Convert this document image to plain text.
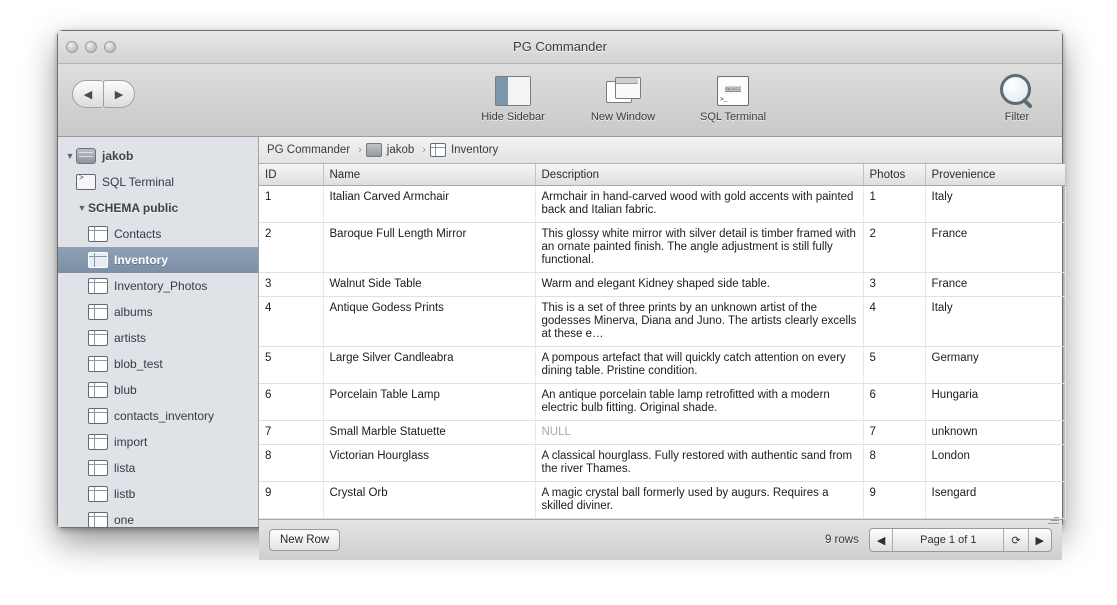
PG Commander
◀	▶
Hide Sidebar	New Window
SELECT
>_
SQL Terminal	Filter
▼ jakob
>
SQL Terminal
▼ SCHEMA public
Contacts
Inventory
Inventory_Photos
albums
artists
blob_test
blub
contacts_inventory
import
lista
listb
one
PG Commander ›	jakob ›	Inventory
ID	Name	Description	Photos	Provenience
1	Italian Carved Armchair	Armchair in hand-carved wood with gold accents with painted back and Italian fabric.	1	Italy
2	Baroque Full Length Mirror	This glossy white mirror with silver detail is timber framed with an ornate painted finish. The angle adjustment is still fully functional.	2	France
3	Walnut Side Table	Warm and elegant Kidney shaped side table.	3	France
4	Antique Godess Prints	This is a set of three prints by an unknown artist of the godesses Minerva, Diana and Juno. The artists clearly excells at these e…	4	Italy
5	Large Silver Candleabra	A pompous artefact that will quickly catch attention on every dining table. Pristine condition.	5	Germany
6	Porcelain Table Lamp	An antique porcelain table lamp retrofitted with a modern electric bulb fitting. Original shade.	6	Hungaria
7	Small Marble Statuette	NULL	7	unknown
8	Victorian Hourglass	A classical hourglass. Fully restored with authentic sand from the river Thames.	8	London
9	Crystal Orb	A magic crystal ball formerly used by augurs. Requires a skilled diviner.	9	Isengard
New Row	9 rows	◀	Page 1 of 1	⟳	▶
